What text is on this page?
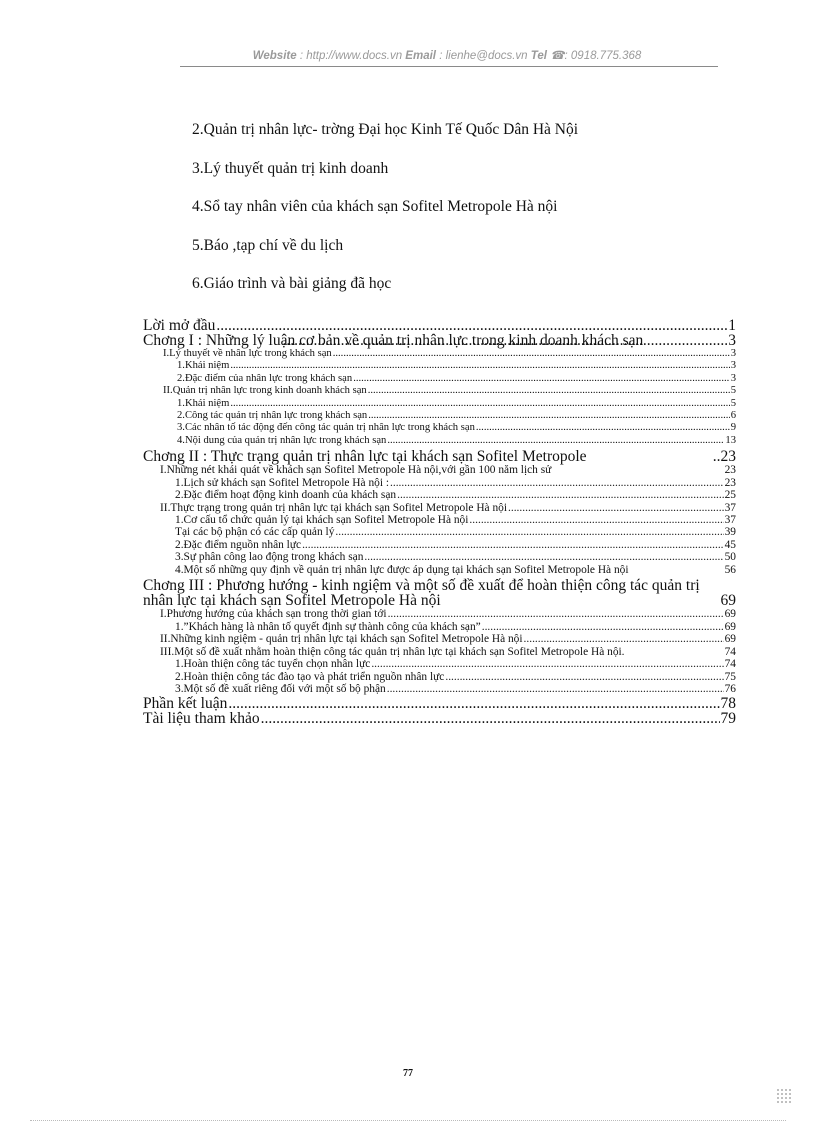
Website : http://www.docs.vn Email : lienhe@docs.vn Tel ☎: 0918.775.368
2.Quản trị nhân lực- trờng Đại học Kinh Tế Quốc Dân Hà Nội
3.Lý thuyết quản trị kinh doanh
4.Sổ tay nhân viên của khách sạn Sofitel Metropole Hà nội
5.Báo ,tạp chí về du lịch
6.Giáo trình và bài giảng đã học
Lời mở đầu .....	1
Chơng I : Những lý luận cơ bản về quản trị nhân lực trong kinh doanh khách sạn .....	3
I.Lý thuyết về nhân lực trong khách sạn .....	3
1.Khái niệm .....	3
2.Đặc điểm của nhân lực trong khách sạn .....	3
II.Quản trị nhân lực trong kinh doanh khách sạn .....	5
1.Khái niệm .....	5
2.Công tác quản trị nhân lực trong khách sạn .....	6
3.Các nhân tố tác động đến công tác quản trị nhân lực trong khách sạn .....	9
4.Nội dung của quản trị nhân lực trong khách sạn .....	13
Chơng II : Thực trạng quản trị nhân lực tại khách sạn Sofitel Metropole	..23
I.Những nét khái quát về khách sạn Sofitel Metropole Hà nội,với gần 100 năm lịch sử	23
1.Lịch sử khách sạn Sofitel Metropole Hà nội : .....	23
2.Đặc điểm hoạt động kinh doanh của khách sạn .....	25
II.Thực trạng trong quản trị nhân lực tại khách sạn Sofitel Metropole Hà nội .....	37
1.Cơ cấu tổ chức quản lý tại khách sạn Sofitel Metropole Hà nội .....	37
Tại các bộ phận có các cấp quản lý .....	39
2.Đặc điểm nguồn nhân lực .....	45
3.Sự phân công lao động trong khách sạn .....	50
4.Một số những quy định về quản trị nhân lực được áp dụng tại khách sạn Sofitel Metropole Hà nội	56
Chơng III : Phương hướng - kinh ngiệm và một số đề xuất để hoàn thiện công tác quản trị nhân lực tại khách sạn Sofitel Metropole Hà nội	69
I.Phương hướng của khách sạn trong thời gian tới .....	69
1.”Khách hàng là nhân tố quyết định sự thành công của khách sạn” .....	69
II.Những kinh ngiệm - quản trị nhân lực tại khách sạn Sofitel Metropole Hà nội .....	69
III.Một số đề xuất nhằm hoàn thiện công tác quản trị nhân lực tại khách sạn Sofitel Metropole Hà nội.	74
1.Hoàn thiện công tác tuyển chọn nhân lực .....	74
2.Hoàn thiện công tác đào tạo và phát triển nguồn nhân lực .....	75
3.Một số đề xuất riêng đối với một số bộ phận .....	76
Phần kết luận .....	78
Tài liệu tham khảo .....	79
77
